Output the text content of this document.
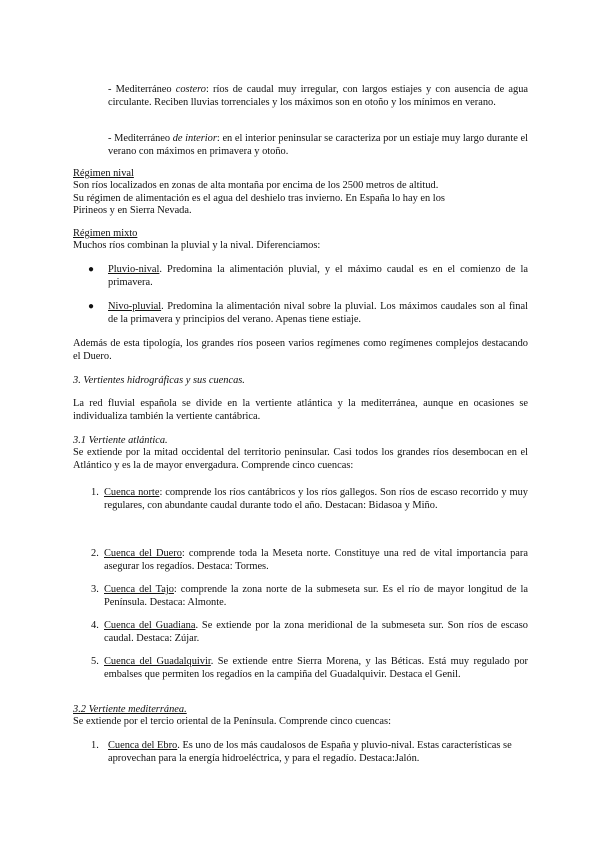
- Mediterráneo costero: ríos de caudal muy irregular, con largos estiajes y con ausencia de agua circulante. Reciben lluvias torrenciales y los máximos son en otoño y los mínimos en verano.

- Mediterráneo de interior: en el interior peninsular se caracteriza por un estiaje muy largo durante el verano con máximos en primavera y otoño.

Régimen nival

Son ríos localizados en zonas de alta montaña por encima de los 2500 metros de altitud.

Su régimen de alimentación es el agua del deshielo tras invierno. En España lo hay en los

Pirineos y en Sierra Nevada.

Régimen mixto

Muchos ríos combinan la pluvial y la nival. Diferenciamos:

● Pluvio-nival. Predomina la alimentación pluvial, y el máximo caudal es en el comienzo de la primavera.

● Nivo-pluvial. Predomina la alimentación nival sobre la pluvial. Los máximos caudales son al final de la primavera y principios del verano. Apenas tiene estiaje.

Además de esta tipología, los grandes ríos poseen varios regímenes como regímenes complejos destacando el Duero.

3. Vertientes hidrográficas y sus cuencas.

La red fluvial española se divide en la vertiente atlántica y la mediterránea, aunque en ocasiones se individualiza también la vertiente cantábrica.

3.1 Vertiente atlántica.

Se extiende por la mitad occidental del territorio peninsular. Casi todos los grandes ríos desembocan en el Atlántico y es la de mayor envergadura. Comprende cinco cuencas:

1. Cuenca norte: comprende los ríos cantábricos y los ríos gallegos. Son ríos de escaso recorrido y muy regulares, con abundante caudal durante todo el año. Destacan: Bidasoa y Miño.

2. Cuenca del Duero: comprende toda la Meseta norte. Constituye una red de vital importancia para asegurar los regadíos. Destaca: Tormes.

3. Cuenca del Tajo: comprende la zona norte de la submeseta sur. Es el río de mayor longitud de la Península. Destaca: Almonte.

4. Cuenca del Guadiana. Se extiende por la zona meridional de la submeseta sur. Son ríos de escaso caudal. Destaca: Zújar.

5. Cuenca del Guadalquivir. Se extiende entre Sierra Morena, y las Béticas. Está muy regulado por embalses que permiten los regadíos en la campiña del Guadalquivir. Destaca el Genil.

3.2 Vertiente mediterránea.

Se extiende por el tercio oriental de la Península. Comprende cinco cuencas:

1. Cuenca del Ebro. Es uno de los más caudalosos de España y pluvio-nival. Estas características se aprovechan para la energía hidroeléctrica, y para el regadío. Destaca:Jalón.
